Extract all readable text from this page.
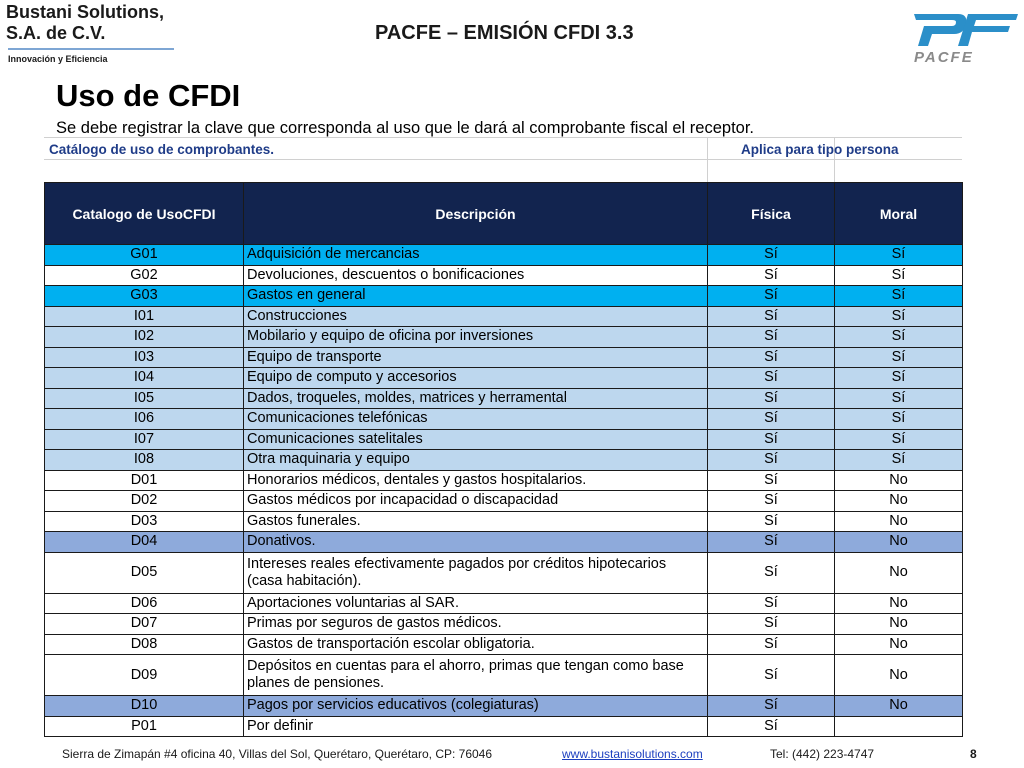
Bustani Solutions,
S.A. de C.V.
Innovación y Eficiencia
PACFE – EMISIÓN CFDI 3.3
PACFE
Uso de CFDI
Se debe registrar la clave que corresponda al uso que le dará al comprobante fiscal el receptor.
Catálogo de uso de comprobantes.	Aplica para tipo persona
Catalogo de UsoCFDI	Descripción	Física	Moral
G01	Adquisición de mercancias	Sí	Sí
G02	Devoluciones, descuentos o bonificaciones	Sí	Sí
G03	Gastos en general	Sí	Sí
I01	Construcciones	Sí	Sí
I02	Mobilario y equipo de oficina por inversiones	Sí	Sí
I03	Equipo de transporte	Sí	Sí
I04	Equipo de computo y accesorios	Sí	Sí
I05	Dados, troqueles, moldes, matrices y herramental	Sí	Sí
I06	Comunicaciones telefónicas	Sí	Sí
I07	Comunicaciones satelitales	Sí	Sí
I08	Otra maquinaria y equipo	Sí	Sí
D01	Honorarios médicos, dentales y gastos hospitalarios.	Sí	No
D02	Gastos médicos por incapacidad o discapacidad	Sí	No
D03	Gastos funerales.	Sí	No
D04	Donativos.	Sí	No
D05	Intereses reales efectivamente pagados por créditos hipotecarios (casa habitación).	Sí	No
D06	Aportaciones voluntarias al SAR.	Sí	No
D07	Primas por seguros de gastos médicos.	Sí	No
D08	Gastos de transportación escolar obligatoria.	Sí	No
D09	Depósitos en cuentas para el ahorro, primas que tengan como base planes de pensiones.	Sí	No
D10	Pagos por servicios educativos (colegiaturas)	Sí	No
P01	Por definir	Sí	
Sierra de Zimapán #4 oficina 40, Villas del Sol, Querétaro, Querétaro, CP: 76046	www.bustanisolutions.com	Tel: (442) 223-4747	8
